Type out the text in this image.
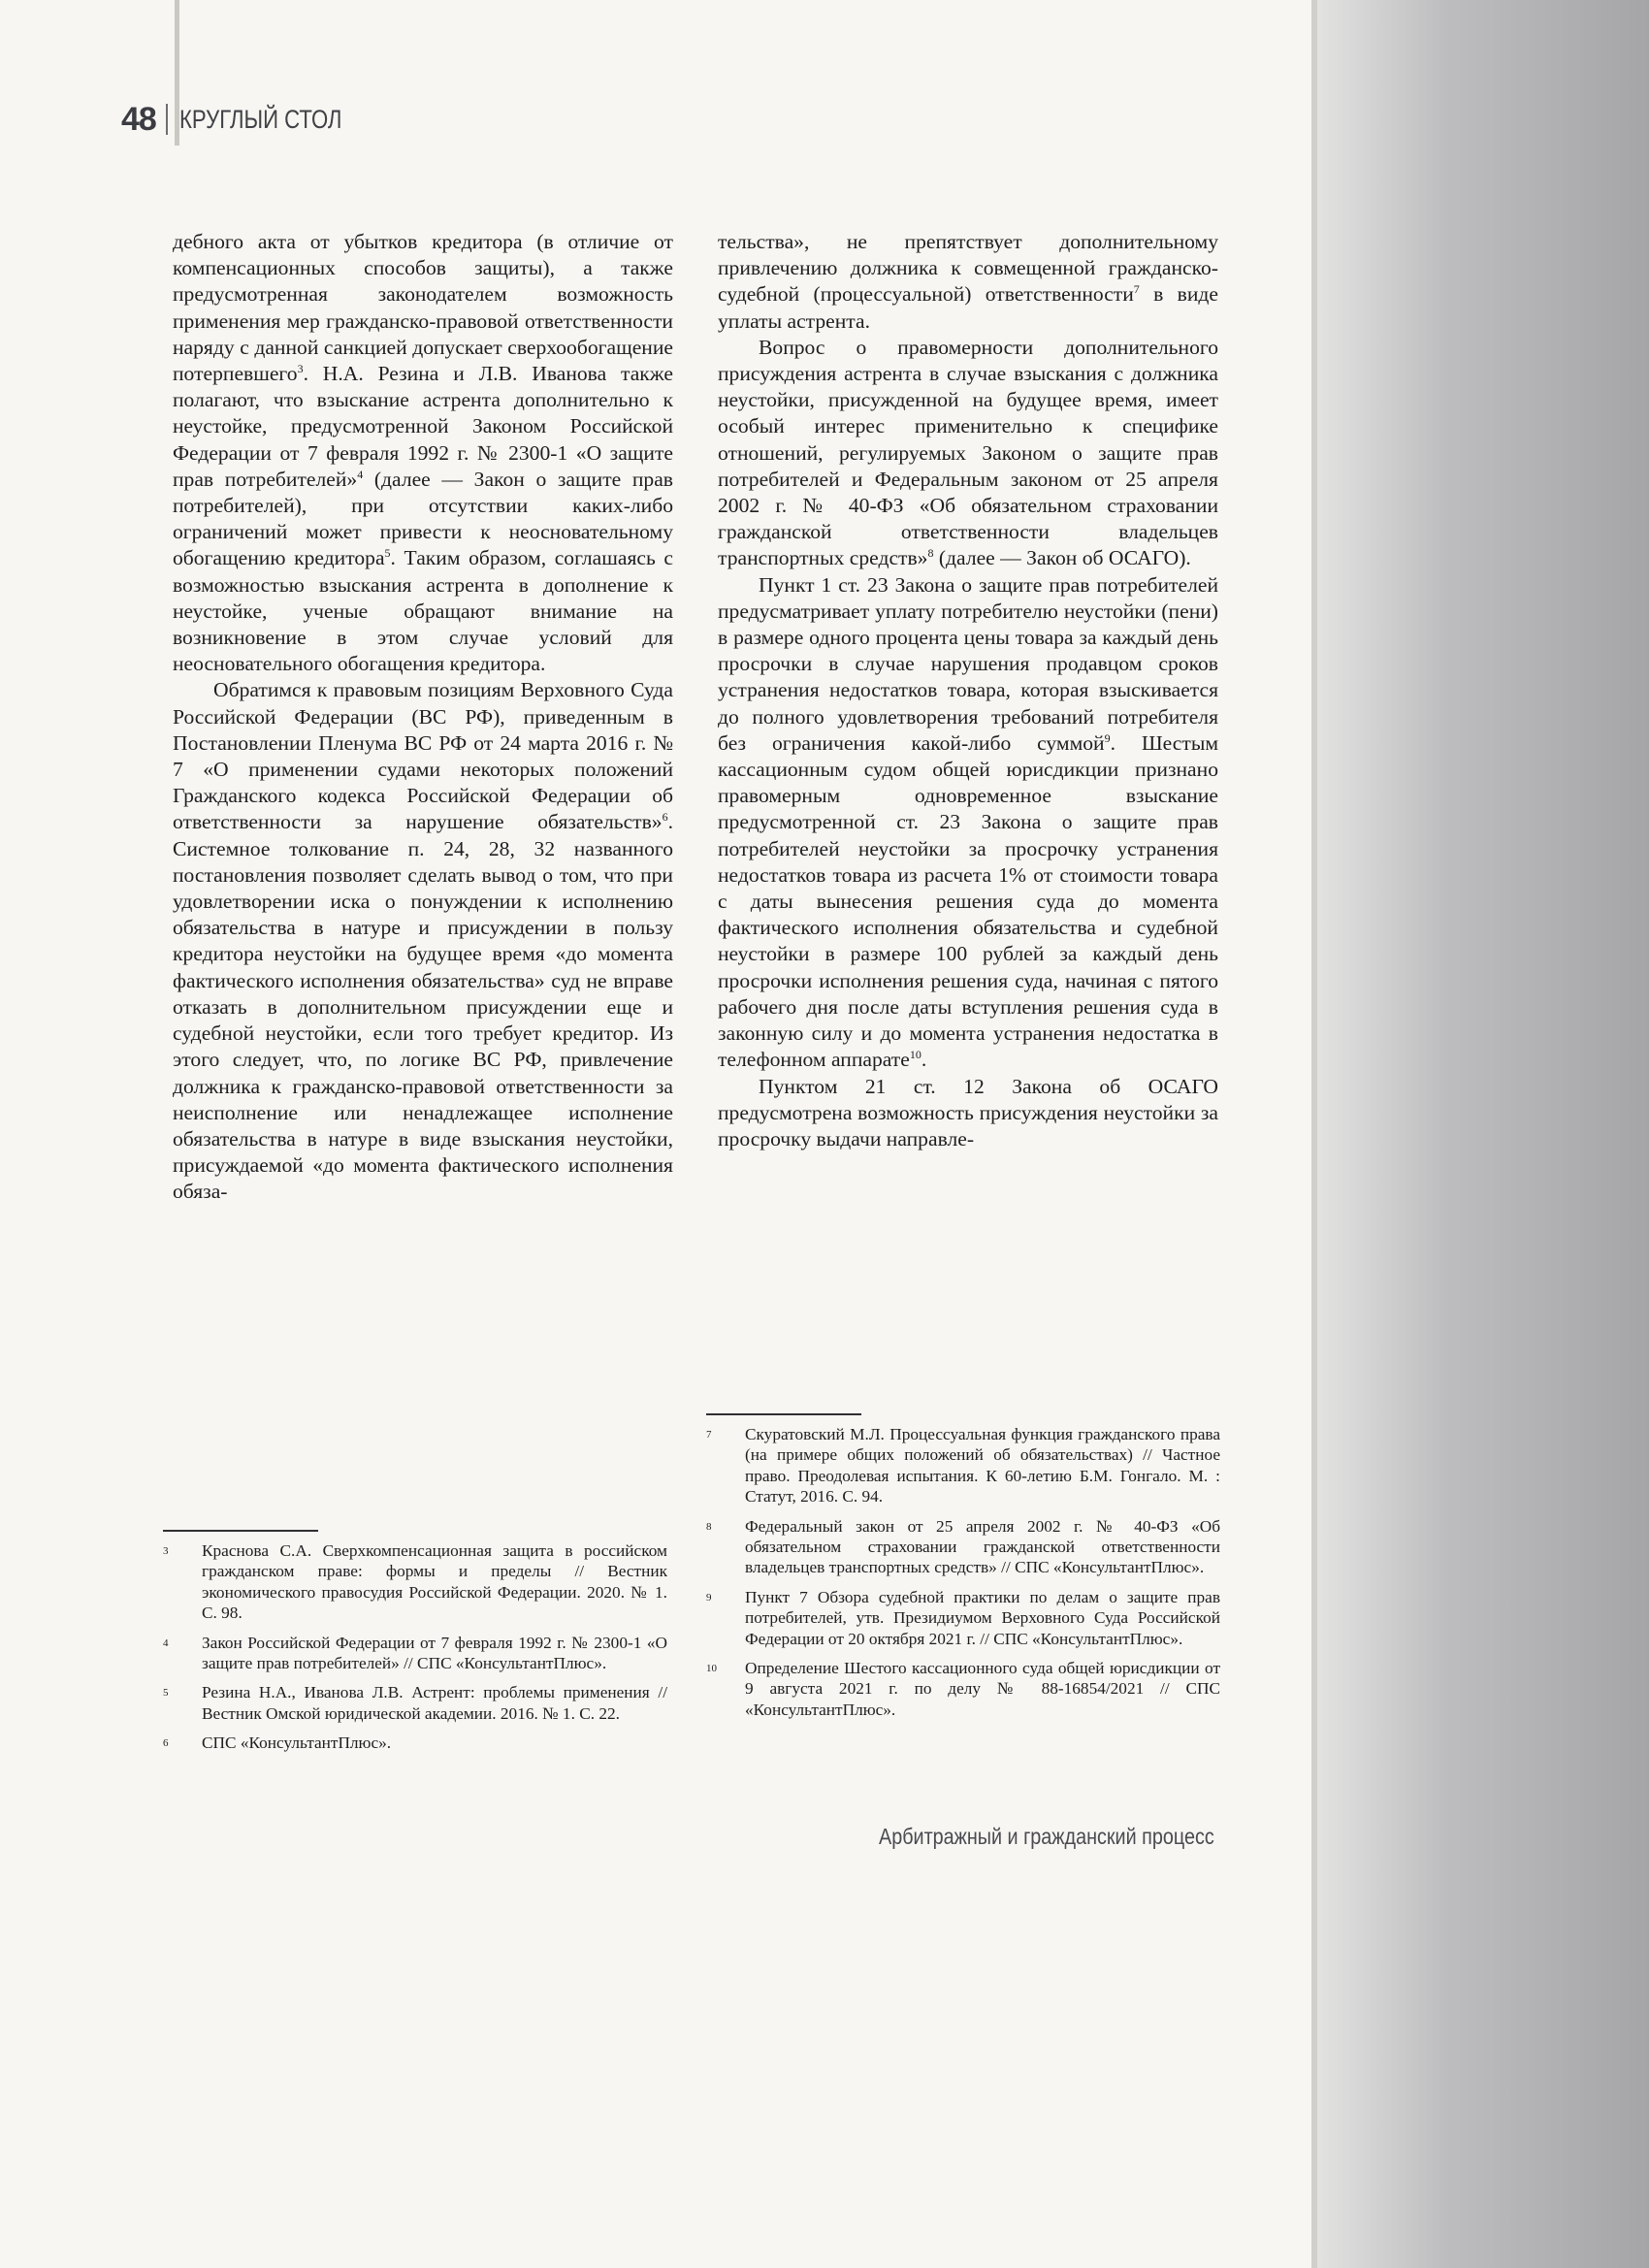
48 КРУГЛЫЙ СТОЛ

дебного акта от убытков кредитора (в отличие от компенсационных способов защиты), а также предусмотренная законодателем возможность применения мер гражданско-правовой ответственности наряду с данной санкцией допускает сверхообогащение потерпевшего$^3$. Н.А. Резина и Л.В. Иванова также полагают, что взыскание астрента дополнительно к неустойке, предусмотренной Законом Российской Федерации от 7 февраля 1992 г. № 2300-1 «О защите прав потребителей»$^4$ (далее — Закон о защите прав потребителей), при отсутствии каких-либо ограничений может привести к неосновательному обогащению кредитора$^5$. Таким образом, соглашаясь с возможностью взыскания астрента в дополнение к неустойке, ученые обращают внимание на возникновение в этом случае условий для неосновательного обогащения кредитора.

Обратимся к правовым позициям Верховного Суда Российской Федерации (ВС РФ), приведенным в Постановлении Пленума ВС РФ от 24 марта 2016 г. № 7 «О применении судами некоторых положений Гражданского кодекса Российской Федерации об ответственности за нарушение обязательств»$^6$. Системное толкование п. 24, 28, 32 названного постановления позволяет сделать вывод о том, что при удовлетворении иска о понуждении к исполнению обязательства в натуре и присуждении в пользу кредитора неустойки на будущее время «до момента фактического исполнения обязательства» суд не вправе отказать в дополнительном присуждении еще и судебной неустойки, если того требует кредитор. Из этого следует, что, по логике ВС РФ, привлечение должника к гражданско-правовой ответственности за неисполнение или ненадлежащее исполнение обязательства в натуре в виде взыскания неустойки, присуждаемой «до момента фактического исполнения обяза-

тельства», не препятствует дополнительному привлечению должника к совмещенной гражданско-судебной (процессуальной) ответственности$^7$ в виде уплаты астрента.

Вопрос о правомерности дополнительного присуждения астрента в случае взыскания с должника неустойки, присужденной на будущее время, имеет особый интерес применительно к специфике отношений, регулируемых Законом о защите прав потребителей и Федеральным законом от 25 апреля 2002 г. № 40-ФЗ «Об обязательном страховании гражданской ответственности владельцев транспортных средств»$^8$ (далее — Закон об ОСАГО).

Пункт 1 ст. 23 Закона о защите прав потребителей предусматривает уплату потребителю неустойки (пени) в размере одного процента цены товара за каждый день просрочки в случае нарушения продавцом сроков устранения недостатков товара, которая взыскивается до полного удовлетворения требований потребителя без ограничения какой-либо суммой$^9$. Шестым кассационным судом общей юрисдикции признано правомерным одновременное взыскание предусмотренной ст. 23 Закона о защите прав потребителей неустойки за просрочку устранения недостатков товара из расчета 1% от стоимости товара с даты вынесения решения суда до момента фактического исполнения обязательства и судебной неустойки в размере 100 рублей за каждый день просрочки исполнения решения суда, начиная с пятого рабочего дня после даты вступления решения суда в законную силу и до момента устранения недостатка в телефонном аппарате$^{10}$.

Пунктом 21 ст. 12 Закона об ОСАГО предусмотрена возможность присуждения неустойки за просрочку выдачи направле-

3	Краснова С.А. Сверхкомпенсационная защита в российском гражданском праве: формы и пределы // Вестник экономического правосудия Российской Федерации. 2020. № 1. С. 98.
4	Закон Российской Федерации от 7 февраля 1992 г. № 2300-1 «О защите прав потребителей» // СПС «КонсультантПлюс».
5	Резина Н.А., Иванова Л.В. Астрент: проблемы применения // Вестник Омской юридической академии. 2016. № 1. С. 22.
6	СПС «КонсультантПлюс».
7	Скуратовский М.Л. Процессуальная функция гражданского права (на примере общих положений об обязательствах) // Частное право. Преодолевая испытания. К 60-летию Б.М. Гонгало. М. : Статут, 2016. С. 94.
8	Федеральный закон от 25 апреля 2002 г. № 40-ФЗ «Об обязательном страховании гражданской ответственности владельцев транспортных средств» // СПС «КонсультантПлюс».
9	Пункт 7 Обзора судебной практики по делам о защите прав потребителей, утв. Президиумом Верховного Суда Российской Федерации от 20 октября 2021 г. // СПС «КонсультантПлюс».
10	Определение Шестого кассационного суда общей юрисдикции от 9 августа 2021 г. по делу № 88-16854/2021 // СПС «КонсультантПлюс».
Арбитражный и гражданский процесс
